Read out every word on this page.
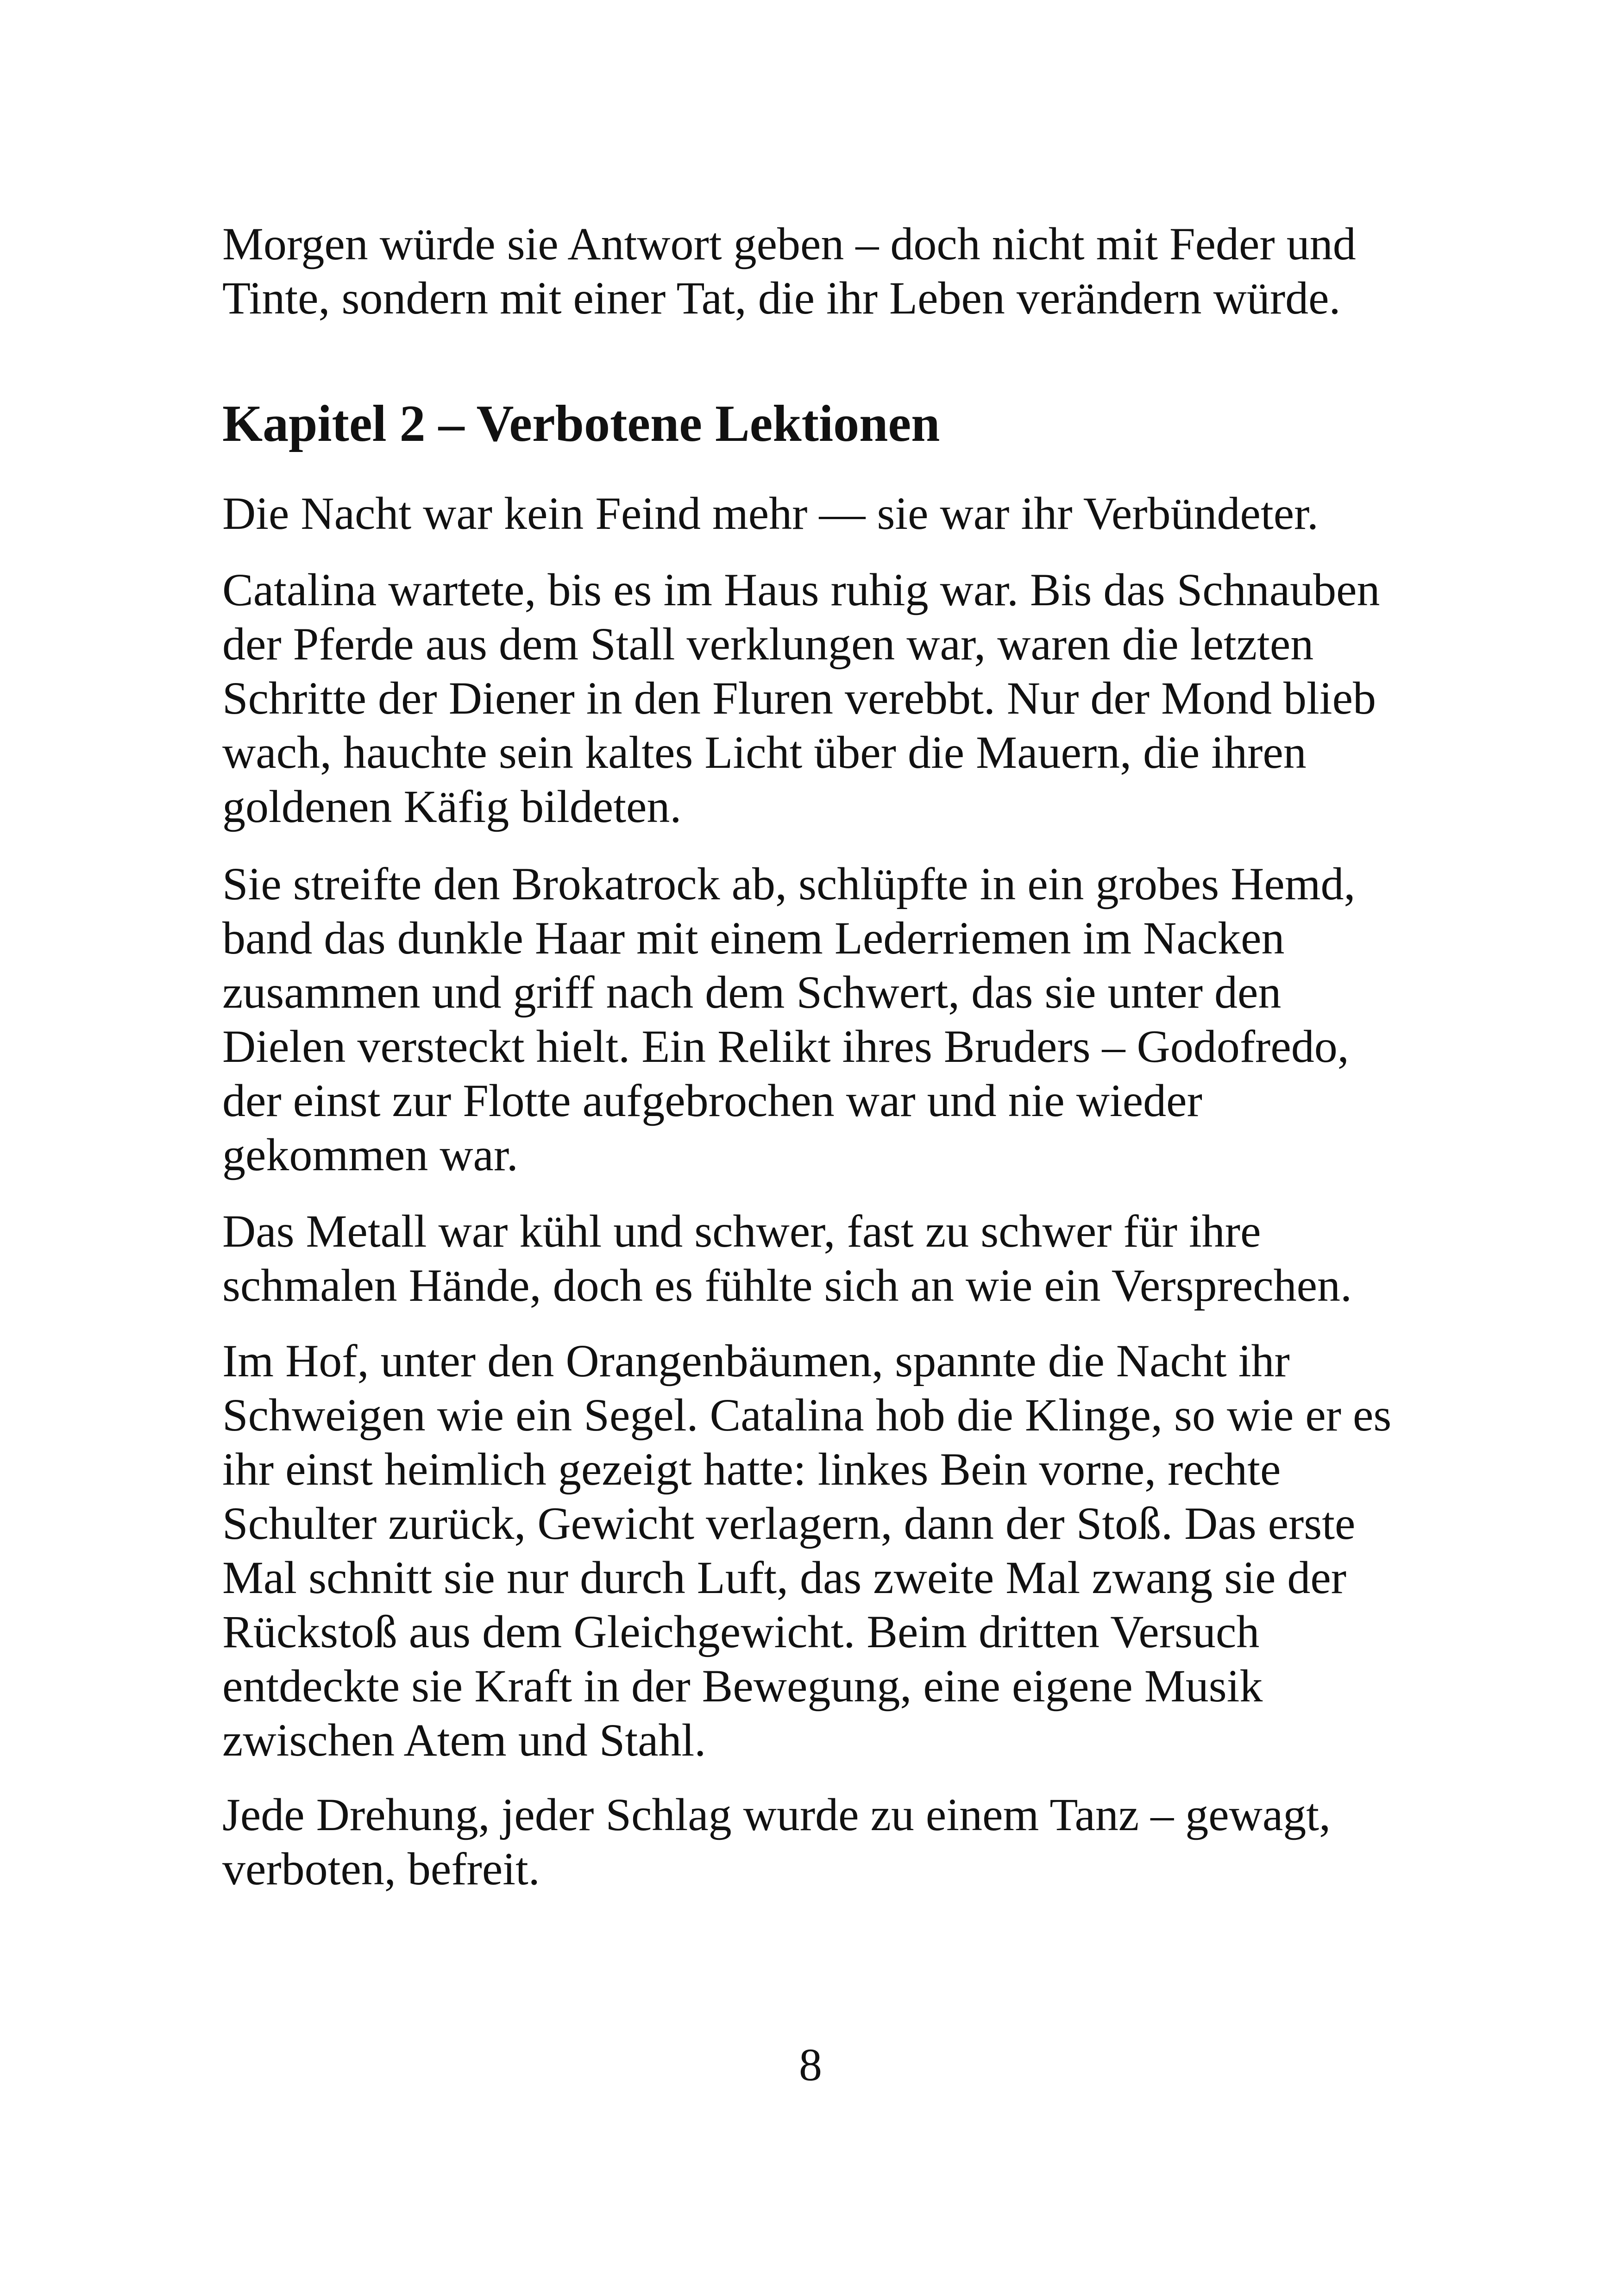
Morgen würde sie Antwort geben – doch nicht mit Feder und
Tinte, sondern mit einer Tat, die ihr Leben verändern würde.

Kapitel 2 – Verbotene Lektionen

Die Nacht war kein Feind mehr — sie war ihr Verbündeter.

Catalina wartete, bis es im Haus ruhig war. Bis das Schnauben
der Pferde aus dem Stall verklungen war, waren die letzten
Schritte der Diener in den Fluren verebbt. Nur der Mond blieb
wach, hauchte sein kaltes Licht über die Mauern, die ihren
goldenen Käfig bildeten.

Sie streifte den Brokatrock ab, schlüpfte in ein grobes Hemd,
band das dunkle Haar mit einem Lederriemen im Nacken
zusammen und griff nach dem Schwert, das sie unter den
Dielen versteckt hielt. Ein Relikt ihres Bruders – Godofredo,
der einst zur Flotte aufgebrochen war und nie wieder
gekommen war.

Das Metall war kühl und schwer, fast zu schwer für ihre
schmalen Hände, doch es fühlte sich an wie ein Versprechen.

Im Hof, unter den Orangenbäumen, spannte die Nacht ihr
Schweigen wie ein Segel. Catalina hob die Klinge, so wie er es
ihr einst heimlich gezeigt hatte: linkes Bein vorne, rechte
Schulter zurück, Gewicht verlagern, dann der Stoß. Das erste
Mal schnitt sie nur durch Luft, das zweite Mal zwang sie der
Rückstoß aus dem Gleichgewicht. Beim dritten Versuch
entdeckte sie Kraft in der Bewegung, eine eigene Musik
zwischen Atem und Stahl.

Jede Drehung, jeder Schlag wurde zu einem Tanz – gewagt,
verboten, befreit.

8
